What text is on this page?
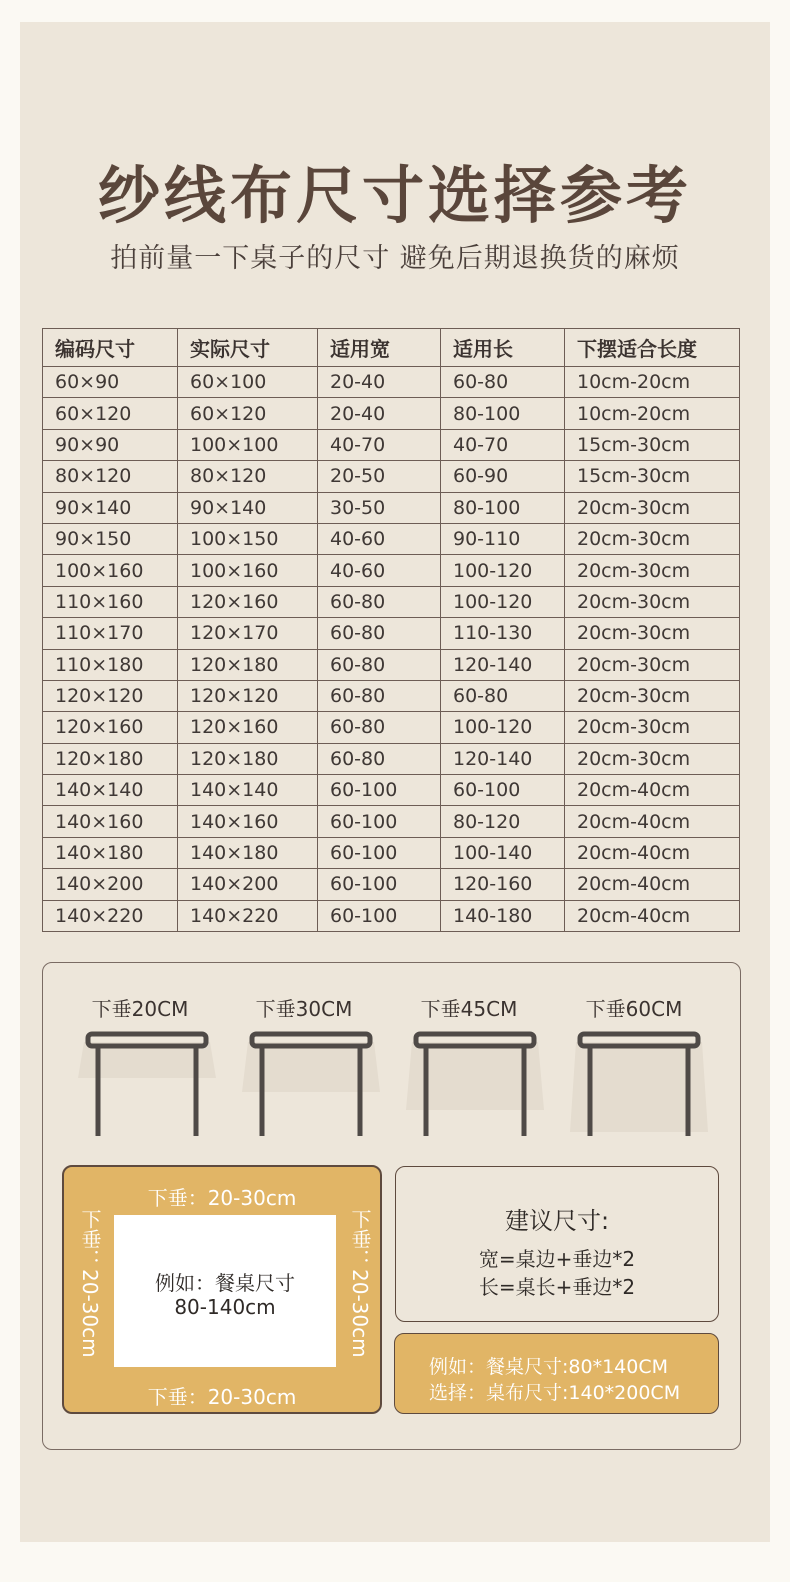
纱线布尺寸选择参考
拍前量一下桌子的尺寸 避免后期退换货的麻烦
编码尺寸	实际尺寸	适用宽	适用长	下摆适合长度
60×90	60×100	20-40	60-80	10cm-20cm
60×120	60×120	20-40	80-100	10cm-20cm
90×90	100×100	40-70	40-70	15cm-30cm
80×120	80×120	20-50	60-90	15cm-30cm
90×140	90×140	30-50	80-100	20cm-30cm
90×150	100×150	40-60	90-110	20cm-30cm
100×160	100×160	40-60	100-120	20cm-30cm
110×160	120×160	60-80	100-120	20cm-30cm
110×170	120×170	60-80	110-130	20cm-30cm
110×180	120×180	60-80	120-140	20cm-30cm
120×120	120×120	60-80	60-80	20cm-30cm
120×160	120×160	60-80	100-120	20cm-30cm
120×180	120×180	60-80	120-140	20cm-30cm
140×140	140×140	60-100	60-100	20cm-40cm
140×160	140×160	60-100	80-120	20cm-40cm
140×180	140×180	60-100	100-140	20cm-40cm
140×200	140×200	60-100	120-160	20cm-40cm
140×220	140×220	60-100	140-180	20cm-40cm
下垂20CM	下垂30CM	下垂45CM	下垂60CM
下垂：20-30cm
下垂：20-30cm
下垂：20-30cm	下垂：20-30cm
例如：餐桌尺寸
80-140cm
建议尺寸:
宽=桌边+垂边*2
长=桌长+垂边*2
例如：餐桌尺寸:80*140CM
选择：桌布尺寸:140*200CM
